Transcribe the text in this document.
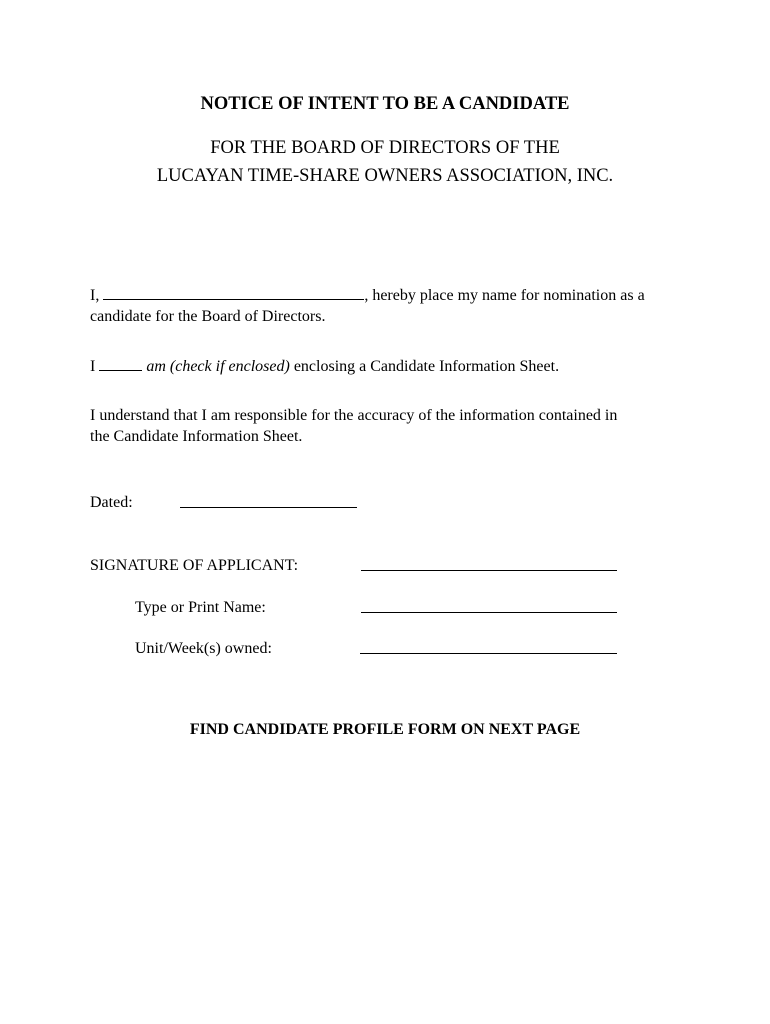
NOTICE OF INTENT TO BE A CANDIDATE
FOR THE BOARD OF DIRECTORS OF THE
LUCAYAN TIME-SHARE OWNERS ASSOCIATION, INC.
I,	, hereby place my name for nomination as a
candidate for the Board of Directors.
I	am (check if enclosed) enclosing a Candidate Information Sheet.
I understand that I am responsible for the accuracy of the information contained in
the Candidate Information Sheet.
Dated:
SIGNATURE OF APPLICANT:
Type or Print Name:
Unit/Week(s) owned:
FIND CANDIDATE PROFILE FORM ON NEXT PAGE
